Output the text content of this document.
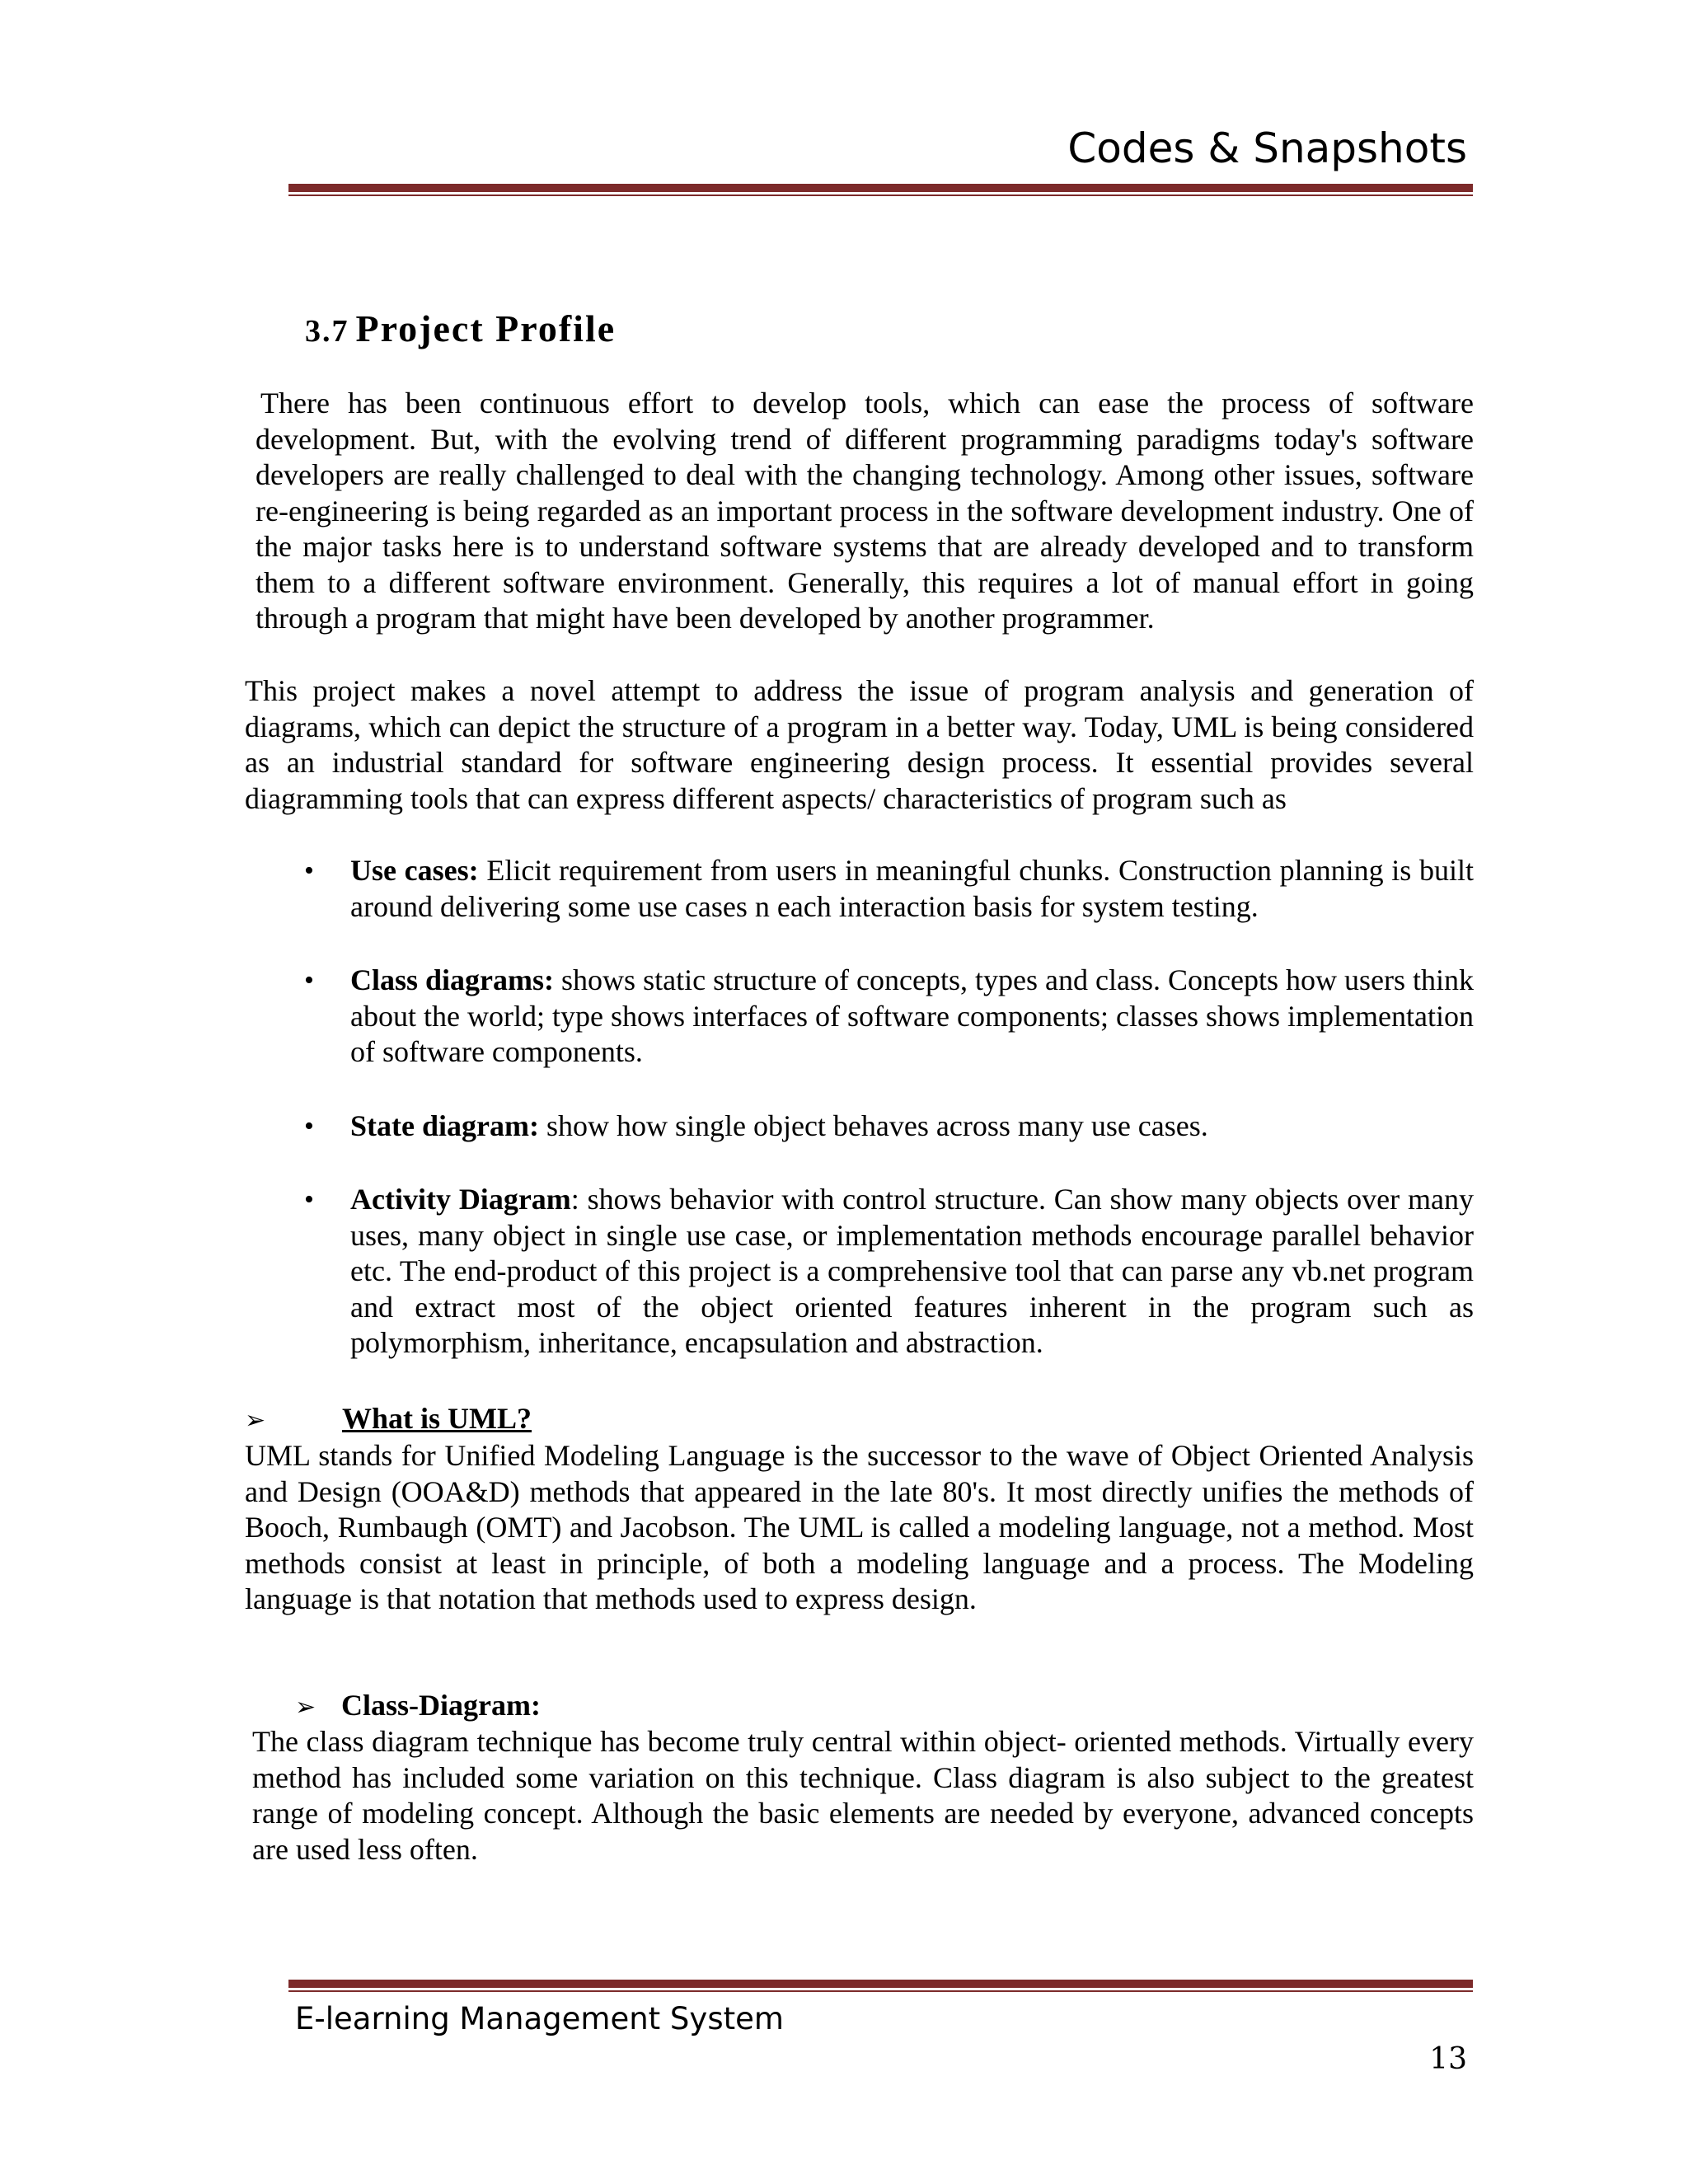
Codes & Snapshots
3.7 Project Profile

There has been continuous effort to develop tools, which can ease the process of software development. But, with the evolving trend of different programming paradigms today's software developers are really challenged to deal with the changing technology. Among other issues, software re-engineering is being regarded as an important process in the software development industry. One of the major tasks here is to understand software systems that are already developed and to transform them to a different software environment. Generally, this requires a lot of manual effort in going through a program that might have been developed by another programmer.

This project makes a novel attempt to address the issue of program analysis and generation of diagrams, which can depict the structure of a program in a better way. Today, UML is being considered as an industrial standard for software engineering design process. It essential provides several diagramming tools that can express different aspects/ characteristics of program such as

• Use cases: Elicit requirement from users in meaningful chunks. Construction planning is built around delivering some use cases n each interaction basis for system testing.
• Class diagrams: shows static structure of concepts, types and class. Concepts how users think about the world; type shows interfaces of software components; classes shows implementation of software components.
• State diagram: show how single object behaves across many use cases.
• Activity Diagram: shows behavior with control structure. Can show many objects over many uses, many object in single use case, or implementation methods encourage parallel behavior etc. The end-product of this project is a comprehensive tool that can parse any vb.net program and extract most of the object oriented features inherent in the program such as polymorphism, inheritance, encapsulation and abstraction.
➢	What is UML?

UML stands for Unified Modeling Language is the successor to the wave of Object Oriented Analysis and Design (OOA&D) methods that appeared in the late 80's. It most directly unifies the methods of Booch, Rumbaugh (OMT) and Jacobson. The UML is called a modeling language, not a method. Most methods consist at least in principle, of both a modeling language and a process. The Modeling language is that notation that methods used to express design.

➢ Class-Diagram:

The class diagram technique has become truly central within object- oriented methods. Virtually every method has included some variation on this technique. Class diagram is also subject to the greatest range of modeling concept. Although the basic elements are needed by everyone, advanced concepts are used less often.

E-learning Management System
13
